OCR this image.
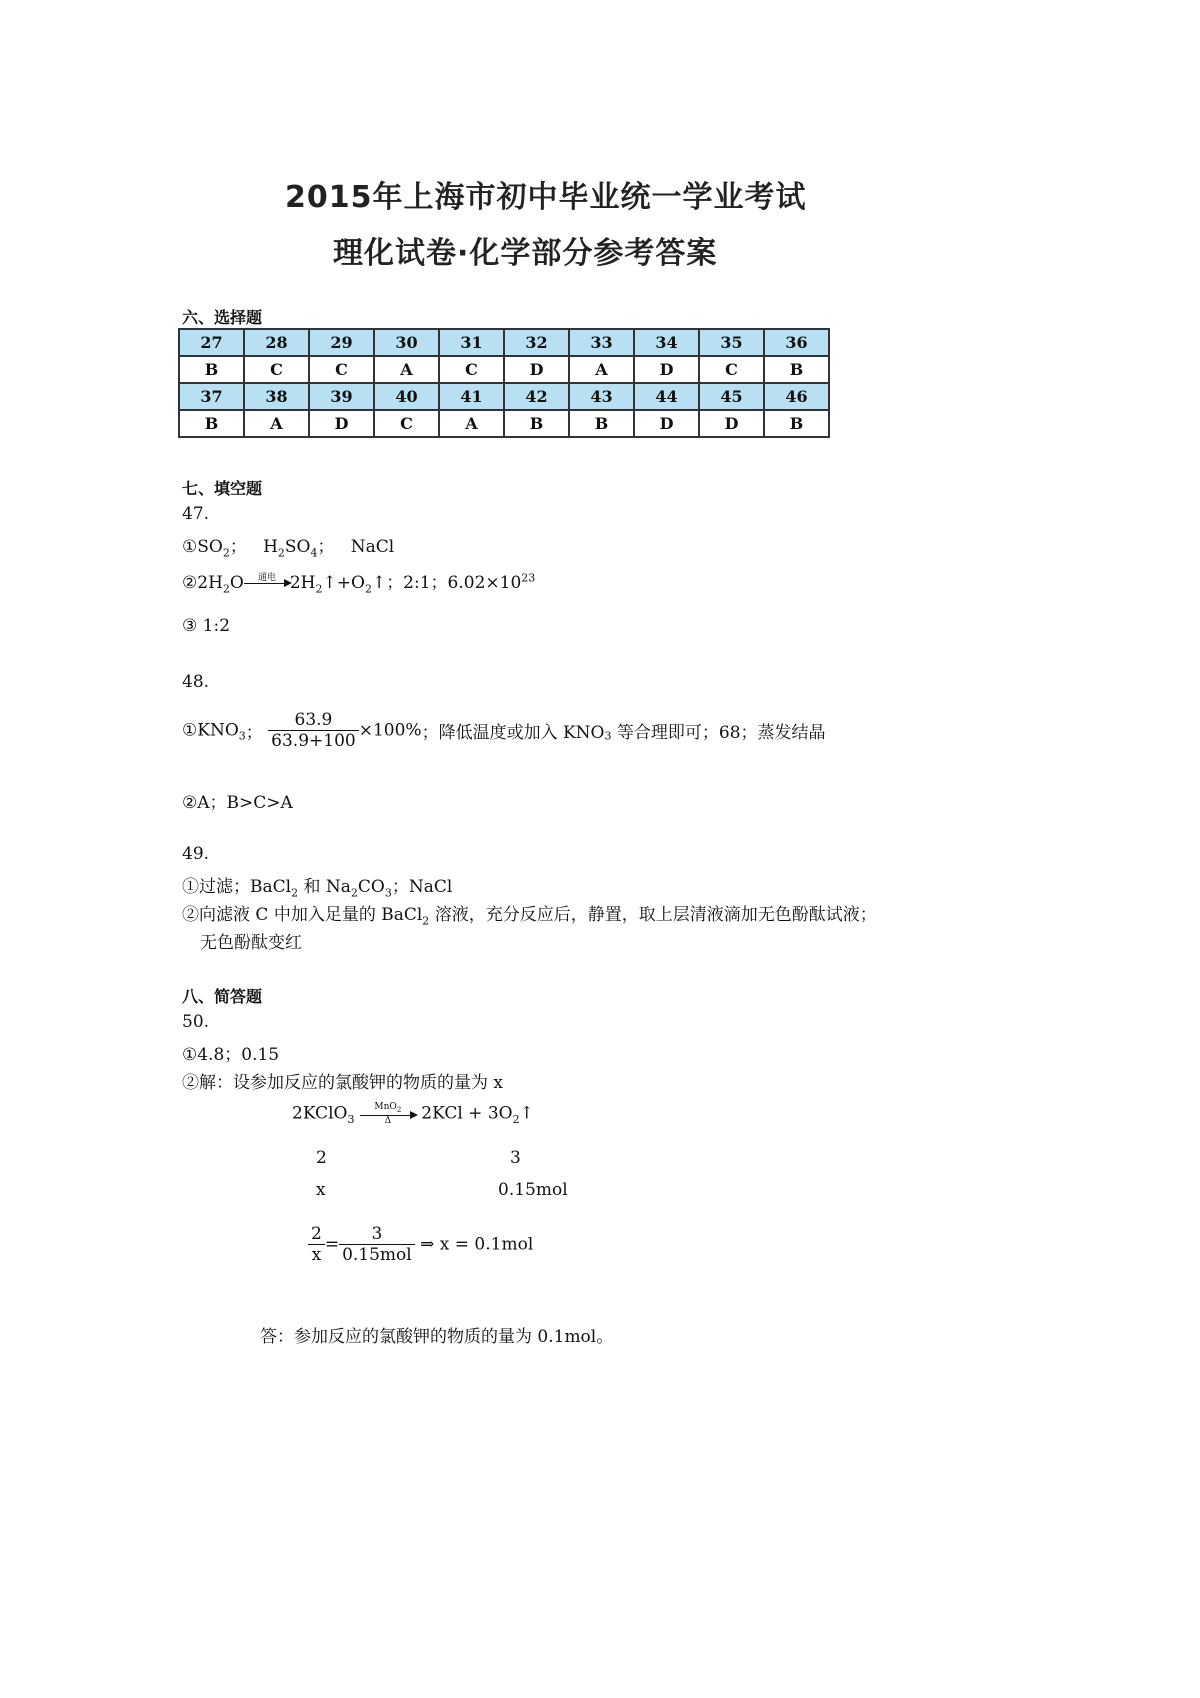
2015年上海市初中毕业统一学业考试
理化试卷·化学部分参考答案
六、选择题
27	28	29	30	31	32	33	34	35	36
B	C	C	A	C	D	A	D	C	B
37	38	39	40	41	42	43	44	45	46
B	A	D	C	A	B	B	D	D	B
七、填空题
47.
$①SO_2$； $H_2SO_4$； NaCl
$②2H_2O$	通电
$2H_2↑+O_2↑$；2:1；$6.02\times 10^{23}$
③ 1:2
48.
$①KNO_3$； $\frac{63.9}{63.9+100} \times 100\%$；降低温度或加入 $KNO_3$ 等合理即可；68；蒸发结晶
②A；B>C>A
49.
①过滤；BaCl$_2$ 和 $Na_2CO_3$；NaCl
②向滤液 C 中加入足量的 BaCl$_2$ 溶液，充分反应后，静置，取上层清液滴加无色酚酞试液；
无色酚酞变红
八、简答题
50.
①4.8；0.15
②解：设参加反应的氯酸钾的物质的量为 x
2KClO$_3$
MnO$_2$
Δ	$2KCl + 3O_2↑$
2	3
x	0.15mol
$\frac{2}{x} = \frac{3}{\text{0.15mol}}$ ⇒ x = 0.1mol
答：参加反应的氯酸钾的物质的量为 0.1mol。
